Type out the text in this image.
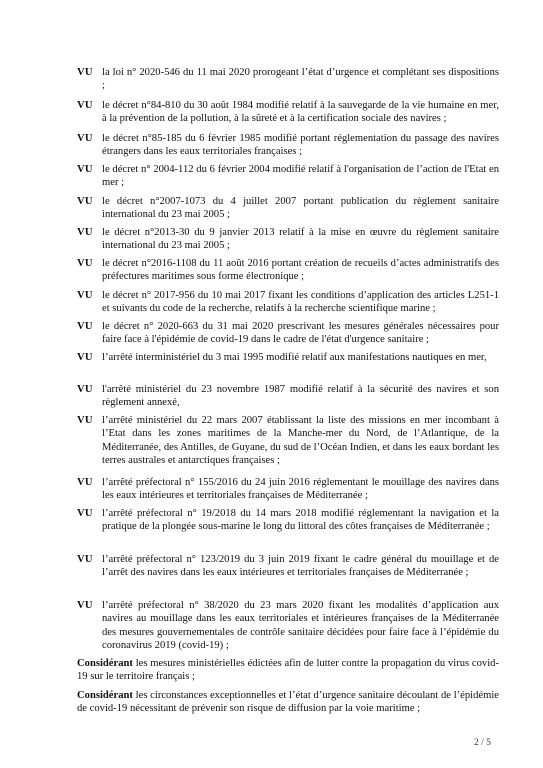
VU la loi n° 2020-546 du 11 mai 2020 prorogeant l’état d’urgence et complétant ses dispositions ;
VU le décret n°84-810 du 30 août 1984 modifié relatif à la sauvegarde de la vie humaine en mer, à la prévention de la pollution, à la sûreté et à la certification sociale des navires ;
VU le décret n°85-185 du 6 février 1985 modifié portant réglementation du passage des navires étrangers dans les eaux territoriales françaises ;
VU le décret n° 2004-112 du 6 février 2004 modifié relatif à l'organisation de l’action de l'Etat en mer ;
VU le décret n°2007-1073 du 4 juillet 2007 portant publication du règlement sanitaire international du 23 mai 2005 ;
VU le décret n°2013-30 du 9 janvier 2013 relatif à la mise en œuvre du règlement sanitaire international du 23 mai 2005 ;
VU le décret n°2016-1108 du 11 août 2016 portant création de recueils d’actes administratifs des préfectures maritimes sous forme électronique ;
VU le décret n° 2017-956 du 10 mai 2017 fixant les conditions d’application des articles L251-1 et suivants du code de la recherche, relatifs à la recherche scientifique marine ;
VU le décret n° 2020-663 du 31 mai 2020 prescrivant les mesures générales nécessaires pour faire face à l'épidémie de covid-19 dans le cadre de l'état d'urgence sanitaire ;
VU l’arrêté interministériel du 3 mai 1995 modifié relatif aux manifestations nautiques en mer,
VU l'arrêté ministériel du 23 novembre 1987 modifié relatif à la sécurité des navires et son règlement annexé,
VU l’arrêté ministériel du 22 mars 2007 établissant la liste des missions en mer incombant à l’Etat dans les zones maritimes de la Manche-mer du Nord, de l’Atlantique, de la Méditerranée, des Antilles, de Guyane, du sud de l’Océan Indien, et dans les eaux bordant les terres australes et antarctiques françaises ;
VU l’arrêté préfectoral n° 155/2016 du 24 juin 2016 réglementant le mouillage des navires dans les eaux intérieures et territoriales françaises de Méditerranée ;
VU l’arrêté préfectoral n° 19/2018 du 14 mars 2018 modifié réglementant la navigation et la pratique de la plongée sous-marine le long du littoral des côtes françaises de Méditerranée ;
VU l’arrêté préfectoral n° 123/2019 du 3 juin 2019 fixant le cadre général du mouillage et de l’arrêt des navires dans les eaux intérieures et territoriales françaises de Méditerranée ;
VU l’arrêté préfectoral n° 38/2020 du 23 mars 2020 fixant les modalités d’application aux navires au mouillage dans les eaux territoriales et intérieures françaises de la Méditerranée des mesures gouvernementales de contrôle sanitaire décidées pour faire face à l’épidémie du coronavirus 2019 (covid-19) ;
Considérant les mesures ministérielles édictées afin de lutter contre la propagation du virus covid-19 sur le territoire français ;
Considérant les circonstances exceptionnelles et l’état d’urgence sanitaire découlant de l’épidémie de covid-19 nécessitant de prévenir son risque de diffusion par la voie maritime ;
2 / 5
